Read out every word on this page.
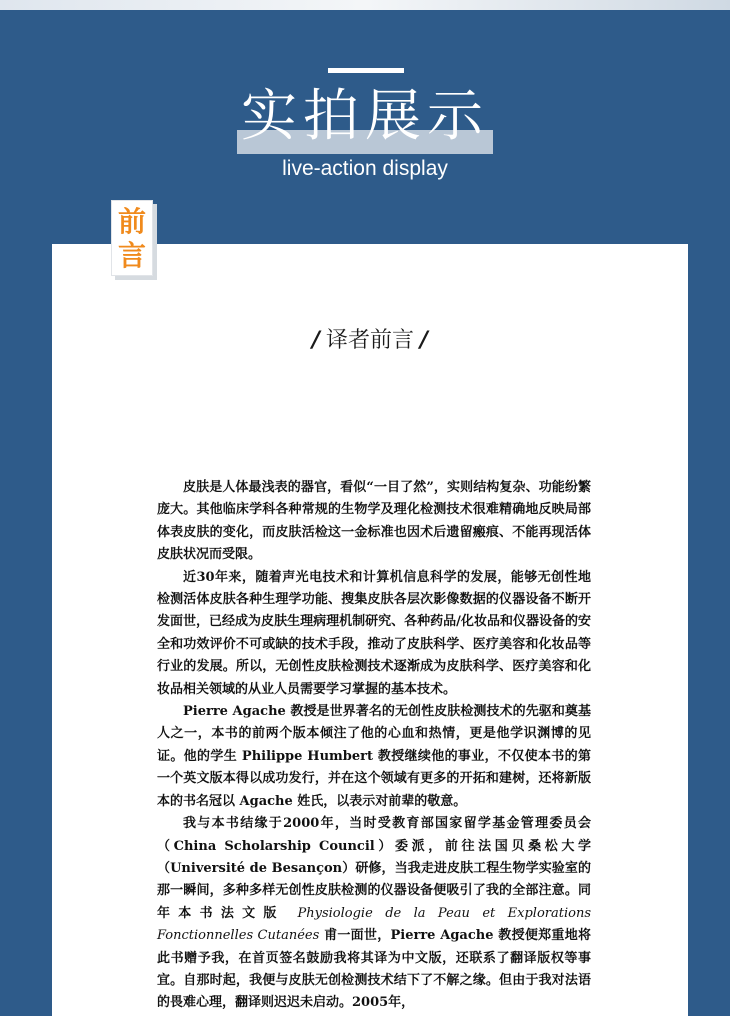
实拍展示
live-action display
前
言
/ 译者前言 /

皮肤是人体最浅表的器官，看似“一目了然”，实则结构复杂、功能纷繁庞大。其他临床学科各种常规的生物学及理化检测技术很难精确地反映局部体表皮肤的变化，而皮肤活检这一金标准也因术后遗留瘢痕、不能再现活体皮肤状况而受限。

近30年来，随着声光电技术和计算机信息科学的发展，能够无创性地检测活体皮肤各种生理学功能、搜集皮肤各层次影像数据的仪器设备不断开发面世，已经成为皮肤生理病理机制研究、各种药品/化妆品和仪器设备的安全和功效评价不可或缺的技术手段，推动了皮肤科学、医疗美容和化妆品等行业的发展。所以，无创性皮肤检测技术逐渐成为皮肤科学、医疗美容和化妆品相关领域的从业人员需要学习掌握的基本技术。

Pierre Agache 教授是世界著名的无创性皮肤检测技术的先驱和奠基人之一，本书的前两个版本倾注了他的心血和热情，更是他学识渊博的见证。他的学生 Philippe Humbert 教授继续他的事业，不仅使本书的第一个英文版本得以成功发行，并在这个领域有更多的开拓和建树，还将新版本的书名冠以 Agache 姓氏，以表示对前辈的敬意。

我与本书结缘于2000年，当时受教育部国家留学基金管理委员会（China Scholarship Council）委派，前往法国贝桑松大学（Université de Besançon）研修，当我走进皮肤工程生物学实验室的那一瞬间，多种多样无创性皮肤检测的仪器设备便吸引了我的全部注意。同年本书法文版 Physiologie de la Peau et Explorations Fonctionnelles Cutanées 甫一面世，Pierre Agache 教授便郑重地将此书赠予我，在首页签名鼓励我将其译为中文版，还联系了翻译版权等事宜。自那时起，我便与皮肤无创检测技术结下了不解之缘。但由于我对法语的畏难心理，翻译则迟迟未启动。2005年，
